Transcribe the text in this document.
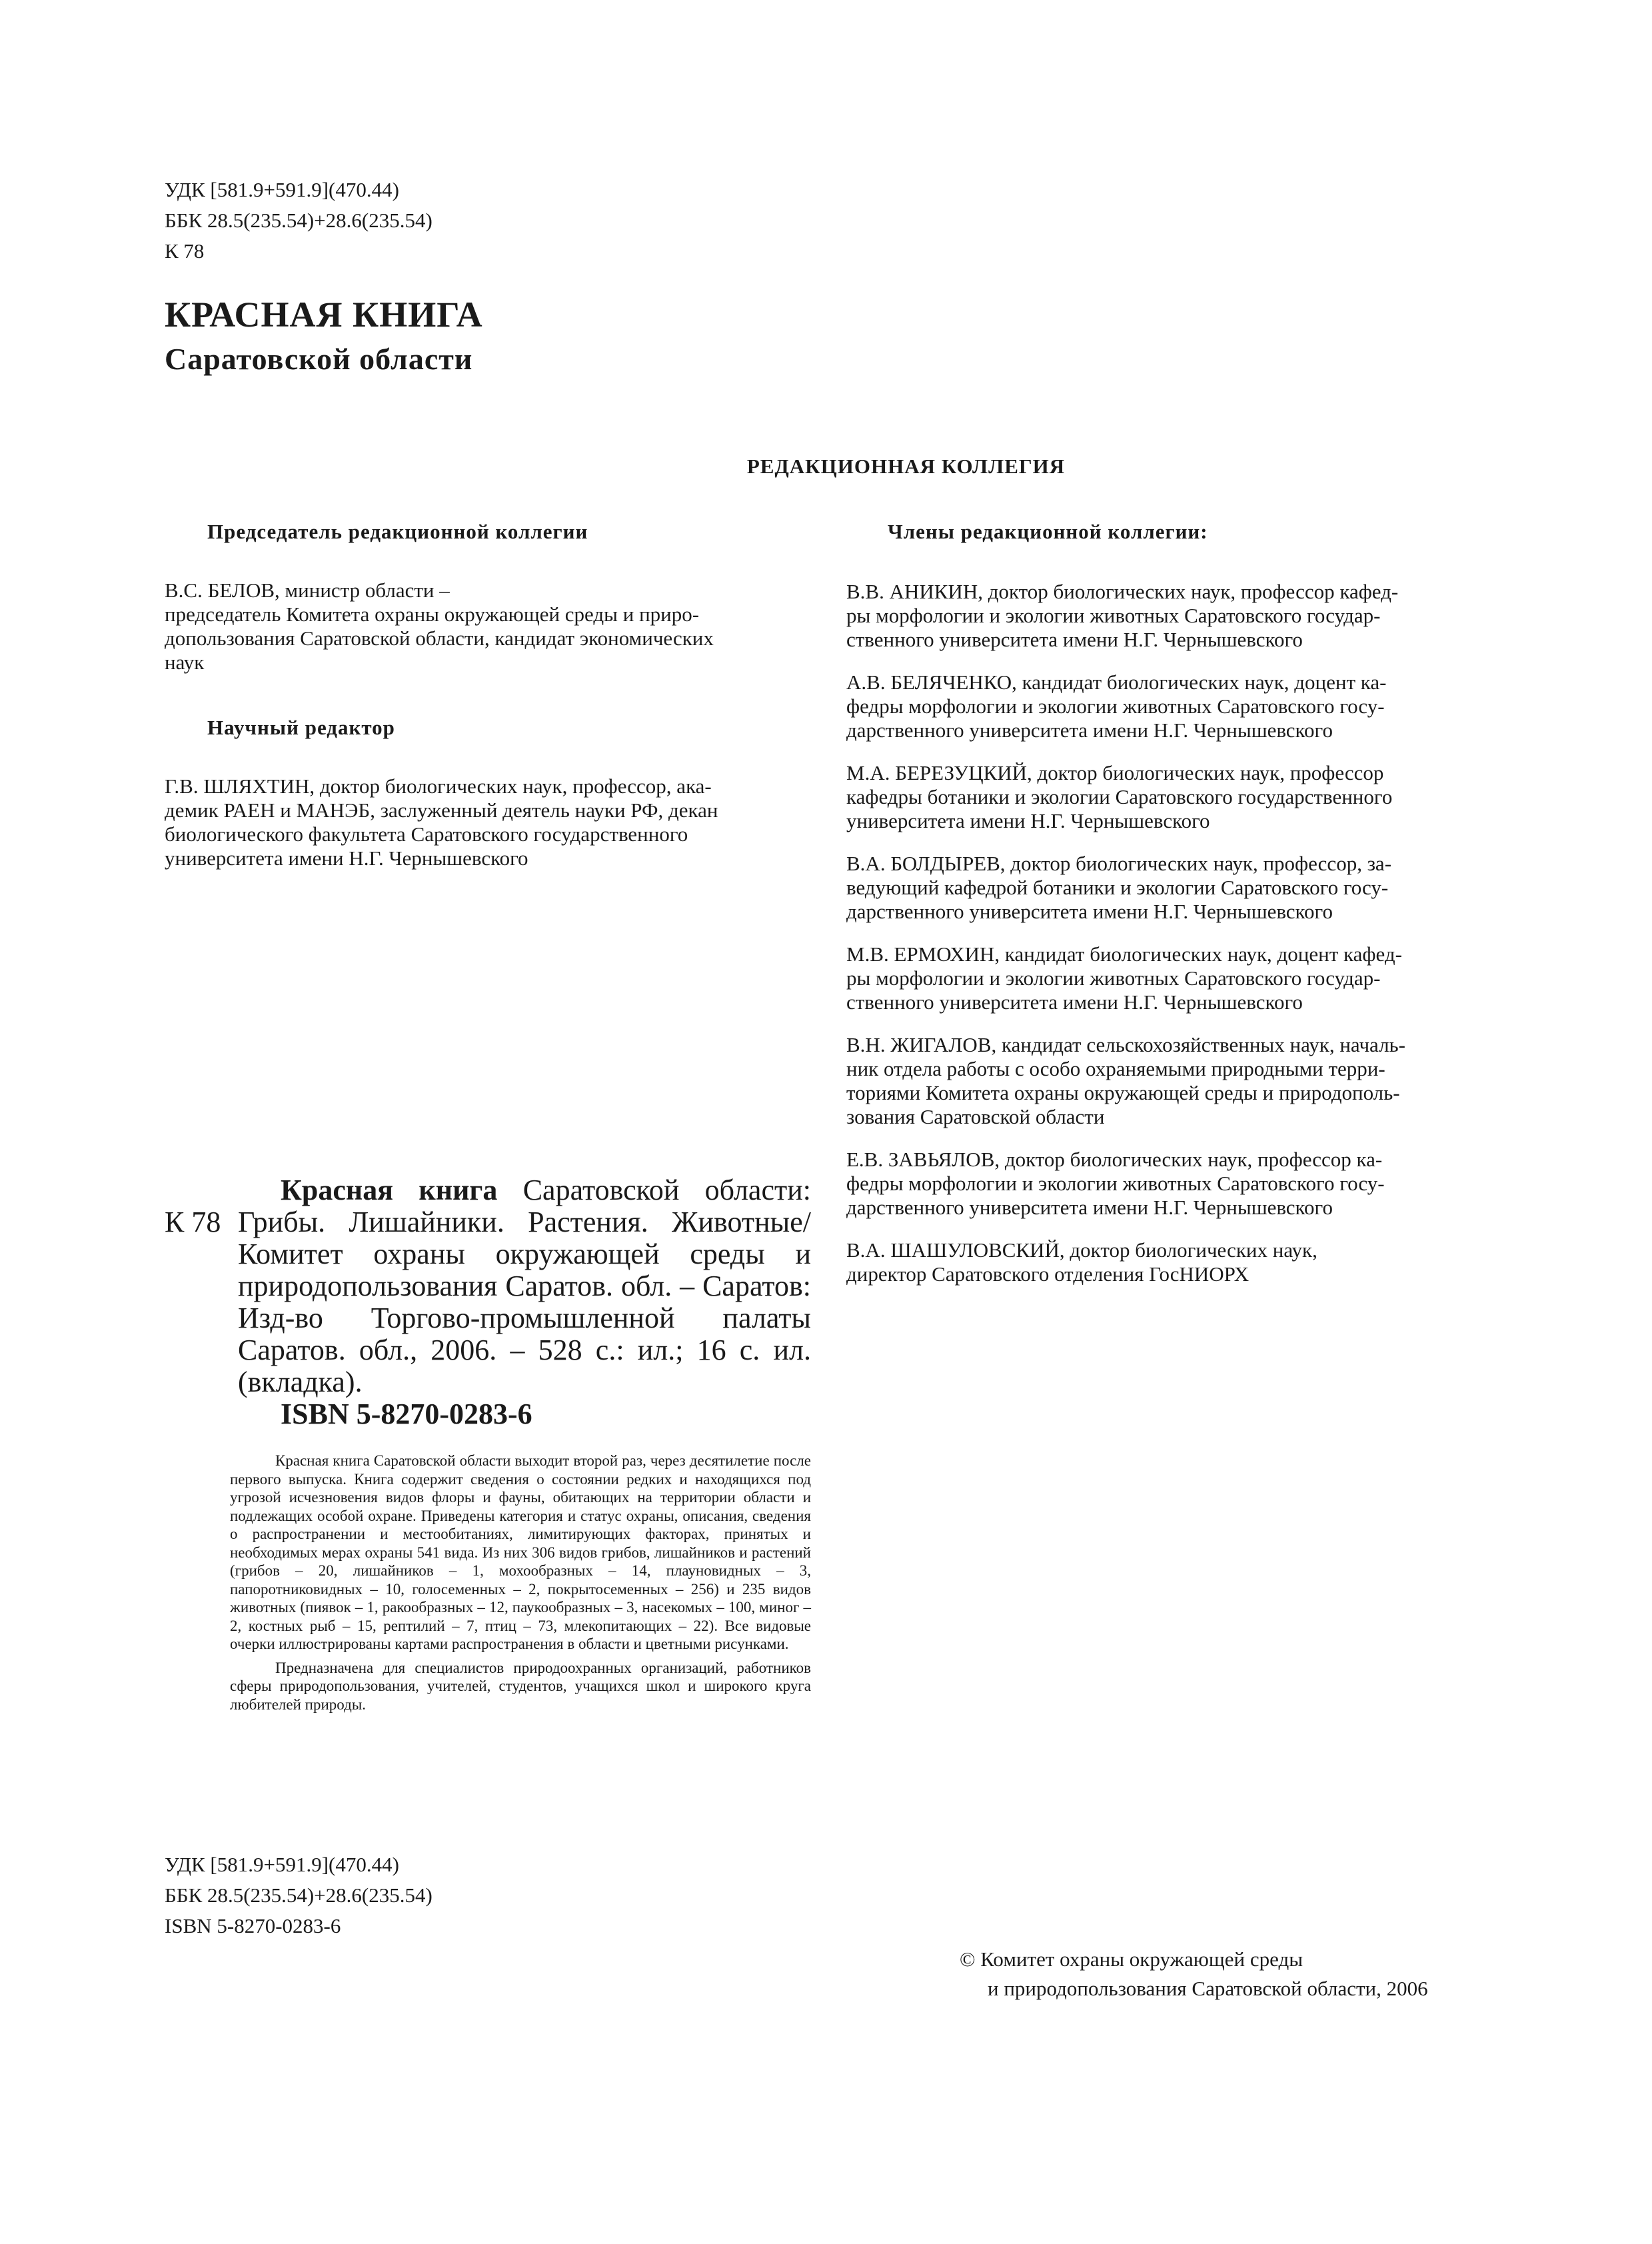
УДК [581.9+591.9](470.44)
ББК 28.5(235.54)+28.6(235.54)
К 78
КРАСНАЯ КНИГА
Саратовской области
РЕДАКЦИОННАЯ КОЛЛЕГИЯ
Председатель редакционной коллегии
В.С. БЕЛОВ, министр области –
председатель Комитета охраны окружающей среды и приро-
допользования Саратовской области, кандидат экономических
наук
Научный редактор
Г.В. ШЛЯХТИН, доктор биологических наук, профессор, ака-
демик РАЕН и МАНЭБ, заслуженный деятель науки РФ, декан
биологического факультета Саратовского государственного
университета имени Н.Г. Чернышевского
Члены редакционной коллегии:
В.В. АНИКИН, доктор биологических наук, профессор кафед-
ры морфологии и экологии животных Саратовского государ-
ственного университета имени Н.Г. Чернышевского
А.В. БЕЛЯЧЕНКО, кандидат биологических наук, доцент ка-
федры морфологии и экологии животных Саратовского госу-
дарственного университета имени Н.Г. Чернышевского
М.А. БЕРЕЗУЦКИЙ, доктор биологических наук, профессор
кафедры ботаники и экологии Саратовского государственного
университета имени Н.Г. Чернышевского
В.А. БОЛДЫРЕВ, доктор биологических наук, профессор, за-
ведующий кафедрой ботаники и экологии Саратовского госу-
дарственного университета имени Н.Г. Чернышевского
М.В. ЕРМОХИН, кандидат биологических наук, доцент кафед-
ры морфологии и экологии животных Саратовского государ-
ственного университета имени Н.Г. Чернышевского
В.Н. ЖИГАЛОВ, кандидат сельскохозяйственных наук, началь-
ник отдела работы с особо охраняемыми природными терри-
ториями Комитета охраны окружающей среды и природополь-
зования Саратовской области
Е.В. ЗАВЬЯЛОВ, доктор биологических наук, профессор ка-
федры морфологии и экологии животных Саратовского госу-
дарственного университета имени Н.Г. Чернышевского
В.А. ШАШУЛОВСКИЙ, доктор биологических наук,
директор Саратовского отделения ГосНИОРХ
К 78
Красная книга Саратовской области: Грибы. Лишайники. Растения. Животные/ Комитет охраны окружающей среды и природопользования Саратов. обл. – Саратов: Изд-во Торгово-промышленной палаты Саратов. обл., 2006. – 528 с.: ил.; 16 с. ил. (вкладка).
ISBN 5-8270-0283-6

Красная книга Саратовской области выходит второй раз, через десятилетие после первого выпуска. Книга содержит сведения о состоянии редких и находящихся под угрозой исчезновения видов флоры и фауны, обитающих на территории области и подлежащих особой охране. Приведены категория и статус охраны, описания, сведения о распространении и местообитаниях, лимитирующих факторах, принятых и необходимых мерах охраны 541 вида. Из них 306 видов грибов, лишайников и растений (грибов – 20, лишайников – 1, мохообразных – 14, плауновидных – 3, папоротниковидных – 10, голосеменных – 2, покрытосеменных – 256) и 235 видов животных (пиявок – 1, ракообразных – 12, паукообразных – 3, насекомых – 100, миног – 2, костных рыб – 15, рептилий – 7, птиц – 73, млекопитающих – 22). Все видовые очерки иллюстрированы картами распространения в области и цветными рисунками.

Предназначена для специалистов природоохранных организаций, работников сферы природопользования, учителей, студентов, учащихся школ и широкого круга любителей природы.

УДК [581.9+591.9](470.44)
ББК 28.5(235.54)+28.6(235.54)
ISBN 5-8270-0283-6
© Комитет охраны окружающей среды
и природопользования Саратовской области, 2006
